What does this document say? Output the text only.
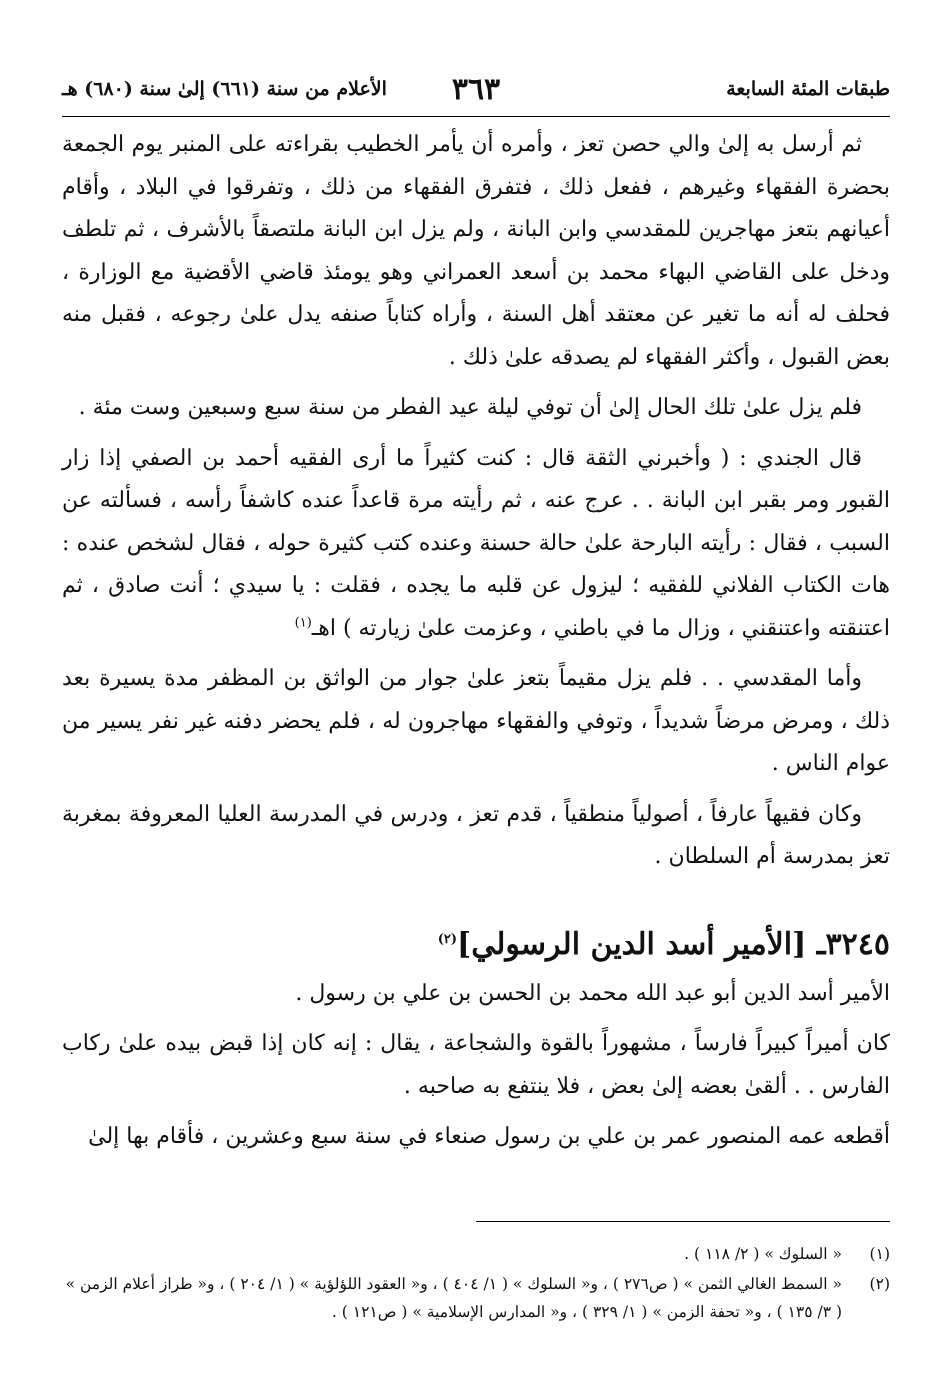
طبقات المئة السابعة
٣٦٣
الأعلام من سنة (٦٦١) إلىٰ سنة (٦٨٠) هـ

ثم أرسل به إلىٰ والي حصن تعز ، وأمره أن يأمر الخطيب بقراءته على المنبر يوم الجمعة بحضرة الفقهاء وغيرهم ، ففعل ذلك ، فتفرق الفقهاء من ذلك ، وتفرقوا في البلاد ، وأقام أعيانهم بتعز مهاجرين للمقدسي وابن البانة ، ولم يزل ابن البانة ملتصقاً بالأشرف ، ثم تلطف ودخل على القاضي البهاء محمد بن أسعد العمراني وهو يومئذ قاضي الأقضية مع الوزارة ، فحلف له أنه ما تغير عن معتقد أهل السنة ، وأراه كتاباً صنفه يدل علىٰ رجوعه ، فقبل منه بعض القبول ، وأكثر الفقهاء لم يصدقه علىٰ ذلك .

فلم يزل علىٰ تلك الحال إلىٰ أن توفي ليلة عيد الفطر من سنة سبع وسبعين وست مئة .

قال الجندي : ( وأخبرني الثقة قال : كنت كثيراً ما أرى الفقيه أحمد بن الصفي إذا زار القبور ومر بقبر ابن البانة . . عرج عنه ، ثم رأيته مرة قاعداً عنده كاشفاً رأسه ، فسألته عن السبب ، فقال : رأيته البارحة علىٰ حالة حسنة وعنده كتب كثيرة حوله ، فقال لشخص عنده : هات الكتاب الفلاني للفقيه ؛ ليزول عن قلبه ما يجده ، فقلت : يا سيدي ؛ أنت صادق ، ثم اعتنقته واعتنقني ، وزال ما في باطني ، وعزمت علىٰ زيارته ) اهـ$^{(١)}$

وأما المقدسي . . فلم يزل مقيماً بتعز علىٰ جوار من الواثق بن المظفر مدة يسيرة بعد ذلك ، ومرض مرضاً شديداً ، وتوفي والفقهاء مهاجرون له ، فلم يحضر دفنه غير نفر يسير من عوام الناس .

وكان فقيهاً عارفاً ، أصولياً منطقياً ، قدم تعز ، ودرس في المدرسة العليا المعروفة بمغربة تعز بمدرسة أم السلطان .

٣٢٤٥ـ [الأمير أسد الدين الرسولي]$^{(٢)}$

الأمير أسد الدين أبو عبد الله محمد بن الحسن بن علي بن رسول .

كان أميراً كبيراً فارساً ، مشهوراً بالقوة والشجاعة ، يقال : إنه كان إذا قبض بيده علىٰ ركاب الفارس . . ألقىٰ بعضه إلىٰ بعض ، فلا ينتفع به صاحبه .

أقطعه عمه المنصور عمر بن علي بن رسول صنعاء في سنة سبع وعشرين ، فأقام بها إلىٰ

(١)
« السلوك » ( ٢/ ١١٨ ) .
(٢)
« السمط الغالي الثمن » ( ص٢٧٦ ) ، و« السلوك » ( ١/ ٤٠٤ ) ، و« العقود اللؤلؤية » ( ١/ ٢٠٤ ) ، و« طراز أعلام الزمن » ( ٣/ ١٣٥ ) ، و« تحفة الزمن » ( ١/ ٣٢٩ ) ، و« المدارس الإسلامية » ( ص١٢١ ) .
